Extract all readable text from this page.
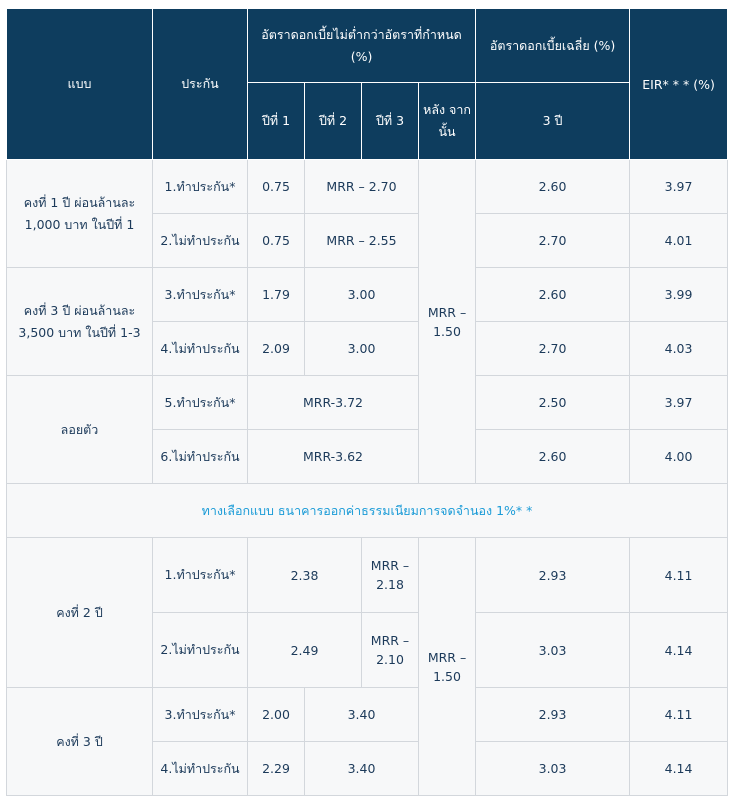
แบบ	ประกัน	อัตราดอกเบี้ยไม่ต่ำกว่าอัตราที่กำหนด (%)				อัตราดอกเบี้ยเฉลี่ย (%)	EIR* * * (%)
		ปีที่ 1	ปีที่ 2	ปีที่ 3	หลัง จากนั้น	3 ปี	
คงที่ 1 ปี ผ่อนล้านละ 1,000 บาท ในปีที่ 1	1.ทำประกัน*	0.75	MRR – 2.70		MRR – 1.50	2.60	3.97
	2.ไม่ทำประกัน	0.75	MRR – 2.55			2.70	4.01
คงที่ 3 ปี ผ่อนล้านละ 3,500 บาท ในปีที่ 1-3	3.ทำประกัน*	1.79	3.00			2.60	3.99
	4.ไม่ทำประกัน	2.09	3.00			2.70	4.03
ลอยตัว	5.ทำประกัน*	MRR-3.72				2.50	3.97
	6.ไม่ทำประกัน	MRR-3.62				2.60	4.00
ทางเลือกแบบ ธนาคารออกค่าธรรมเนียมการจดจำนอง 1%* *							
คงที่ 2 ปี	1.ทำประกัน*	2.38		MRR – 2.18	MRR – 1.50	2.93	4.11
	2.ไม่ทำประกัน	2.49		MRR – 2.10		3.03	4.14
คงที่ 3 ปี	3.ทำประกัน*	2.00	3.40			2.93	4.11
	4.ไม่ทำประกัน	2.29	3.40			3.03	4.14
